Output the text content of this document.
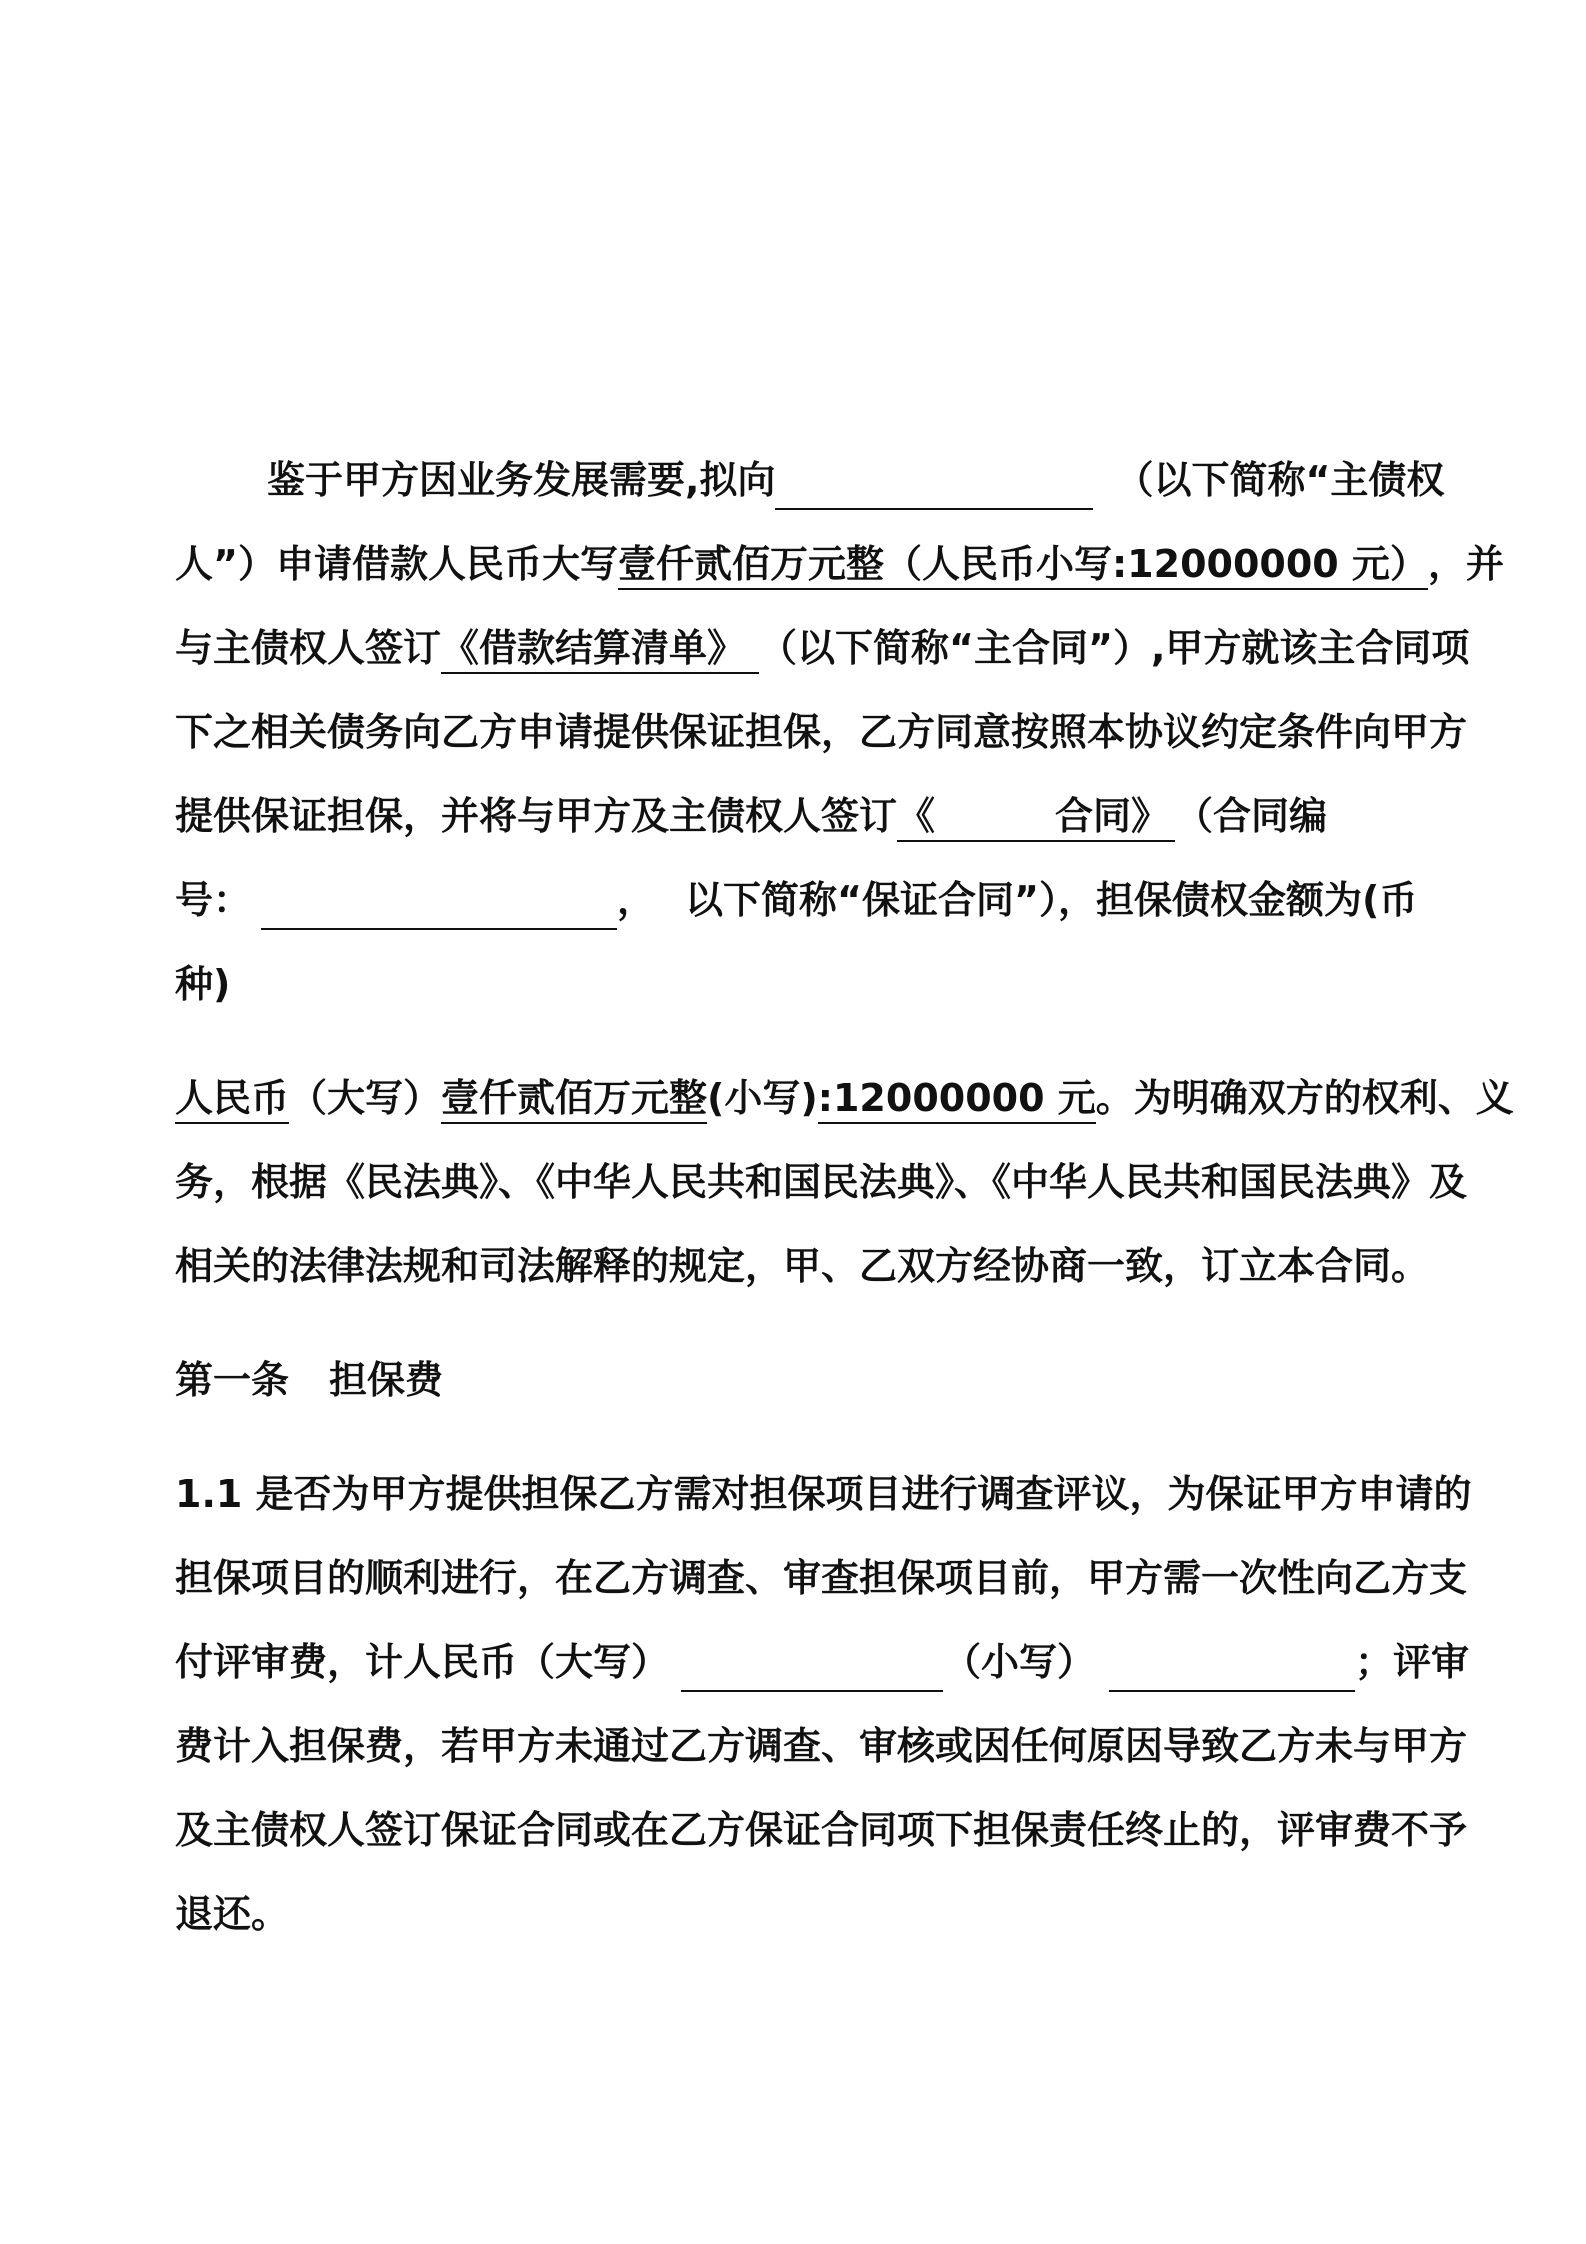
鉴于甲方因业务发展需要,拟向	（以下简称“主债权
人”）申请借款人民币大写壹仟贰佰万元整（人民币小写:12000000 元），并
与主债权人签订《借款结算清单》 （以下简称“主合同”）,甲方就该主合同项
下之相关债务向乙方申请提供保证担保，乙方同意按照本协议约定条件向甲方
提供保证担保，并将与甲方及主债权人签订《	合同》 （合同编
号：	， 以下简称“保证合同”），担保债权金额为(币
种)
人民币（大写）壹仟贰佰万元整(小写):12000000 元。为明确双方的权利、义
务，根据《民法典》、《中华人民共和国民法典》、《中华人民共和国民法典》及
相关的法律法规和司法解释的规定，甲、乙双方经协商一致，订立本合同。
第一条 担保费
1.1 是否为甲方提供担保乙方需对担保项目进行调查评议，为保证甲方申请的
担保项目的顺利进行，在乙方调查、审查担保项目前，甲方需一次性向乙方支
付评审费，计人民币（大写）	（小写）	；评审
费计入担保费，若甲方未通过乙方调查、审核或因任何原因导致乙方未与甲方
及主债权人签订保证合同或在乙方保证合同项下担保责任终止的，评审费不予
退还。
